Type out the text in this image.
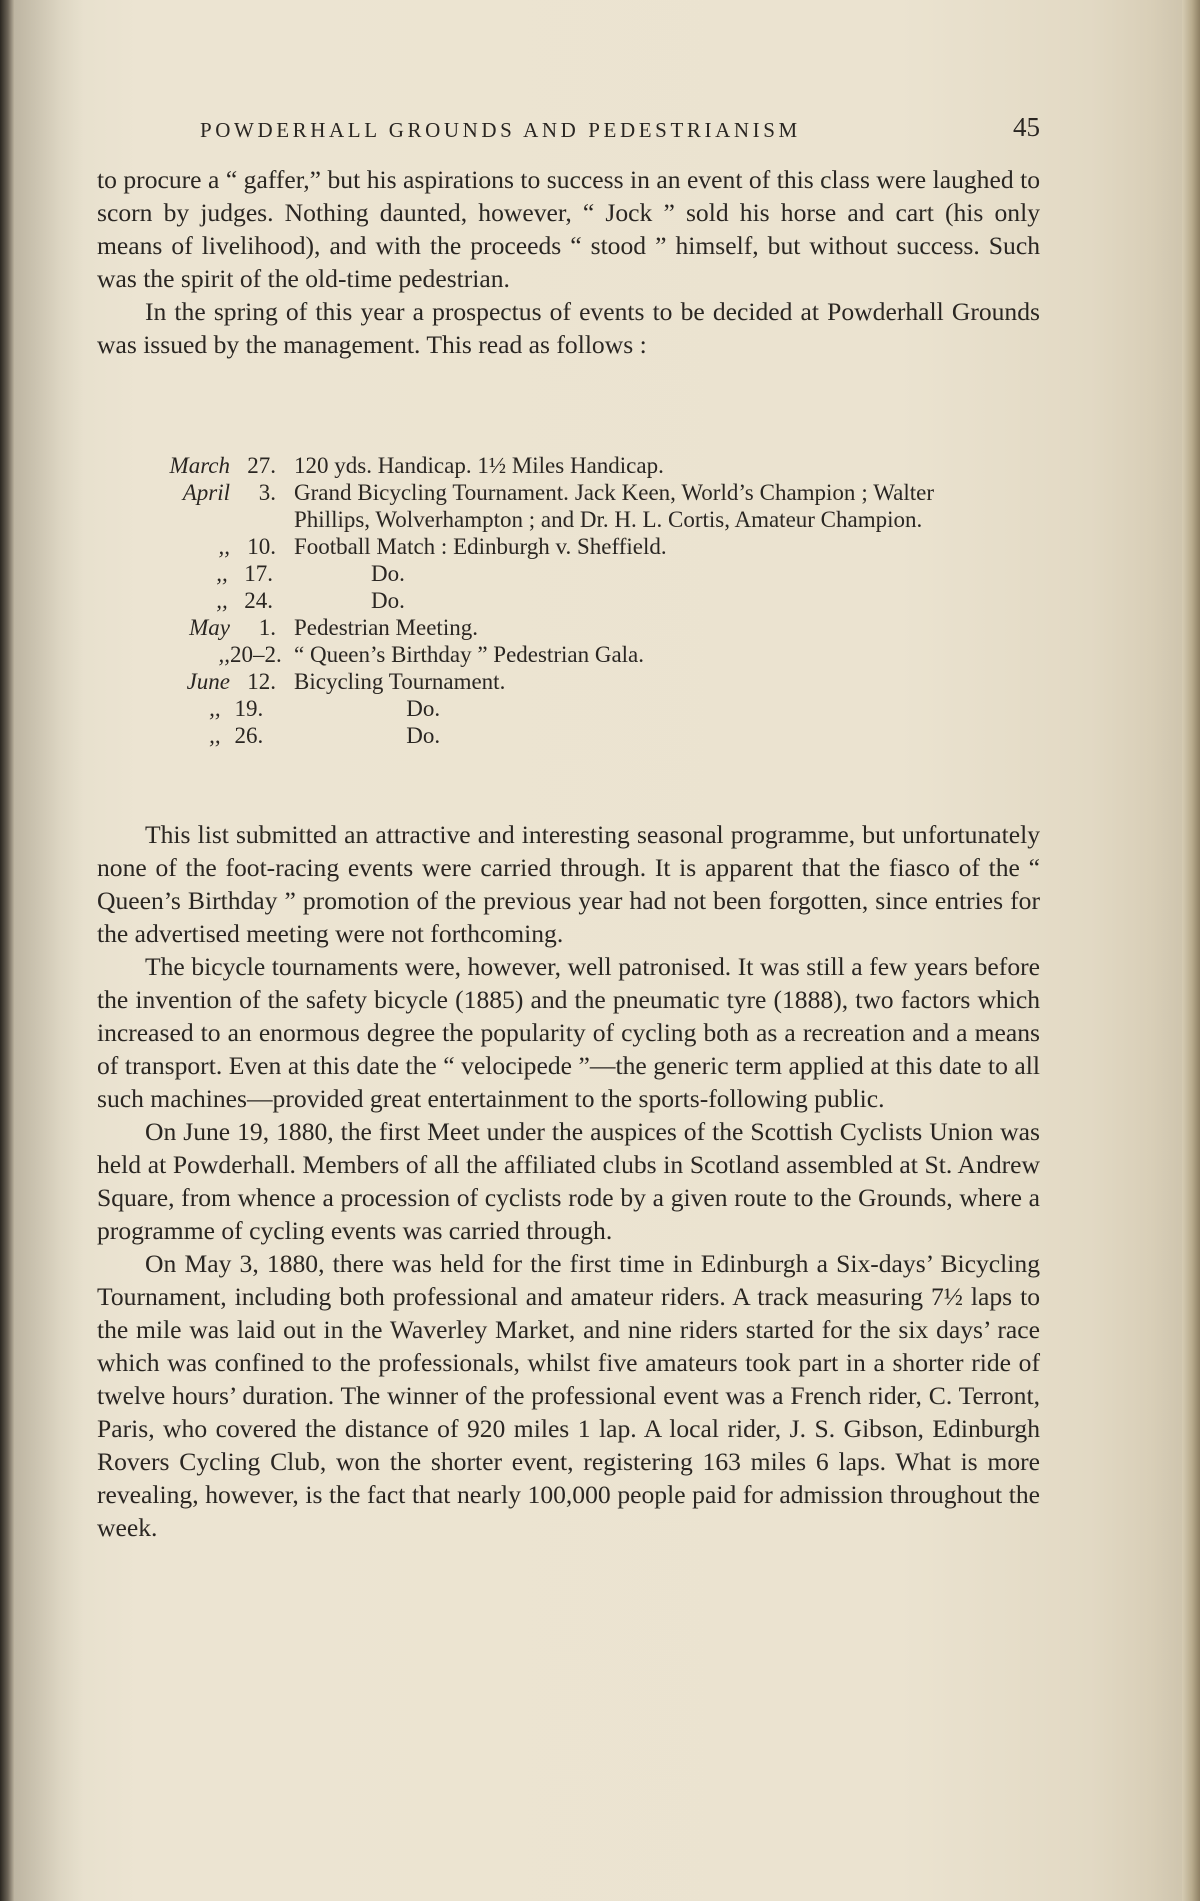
POWDERHALL GROUNDS AND PEDESTRIANISM	45

to procure a “ gaffer,” but his aspirations to success in an event of this class were laughed to scorn by judges. Nothing daunted, however, “ Jock ” sold his horse and cart (his only means of livelihood), and with the proceeds “ stood ” himself, but without success. Such was the spirit of the old-time pedestrian.

In the spring of this year a prospectus of events to be decided at Powderhall Grounds was issued by the management. This read as follows :

March 27. 120 yds. Handicap. 1½ Miles Handicap.
April	3. Grand Bicycling Tournament. Jack Keen, World’s Champion ; Walter Phillips, Wolverhampton ; and Dr. H. L. Cortis, Amateur Champion.
,, 10. Football Match : Edinburgh v. Sheffield.
,, 17.	Do.
,, 24.	Do.
May	1. Pedestrian Meeting.
,, 20–2. “ Queen’s Birthday ” Pedestrian Gala.
June 12. Bicycling Tournament.
,, 19.	Do.
,, 26.	Do.

This list submitted an attractive and interesting seasonal programme, but unfortunately none of the foot-racing events were carried through. It is apparent that the fiasco of the “ Queen’s Birthday ” promotion of the previous year had not been forgotten, since entries for the advertised meeting were not forthcoming.

The bicycle tournaments were, however, well patronised. It was still a few years before the invention of the safety bicycle (1885) and the pneumatic tyre (1888), two factors which increased to an enormous degree the popularity of cycling both as a recreation and a means of transport. Even at this date the “ velocipede ”—the generic term applied at this date to all such machines—provided great entertainment to the sports-following public.

On June 19, 1880, the first Meet under the auspices of the Scottish Cyclists Union was held at Powderhall. Members of all the affiliated clubs in Scotland assembled at St. Andrew Square, from whence a procession of cyclists rode by a given route to the Grounds, where a programme of cycling events was carried through.

On May 3, 1880, there was held for the first time in Edinburgh a Six-days’ Bicycling Tournament, including both professional and amateur riders. A track measuring 7½ laps to the mile was laid out in the Waverley Market, and nine riders started for the six days’ race which was confined to the professionals, whilst five amateurs took part in a shorter ride of twelve hours’ duration. The winner of the professional event was a French rider, C. Terront, Paris, who covered the distance of 920 miles 1 lap. A local rider, J. S. Gibson, Edinburgh Rovers Cycling Club, won the shorter event, registering 163 miles 6 laps. What is more revealing, however, is the fact that nearly 100,000 people paid for admission throughout the week.
